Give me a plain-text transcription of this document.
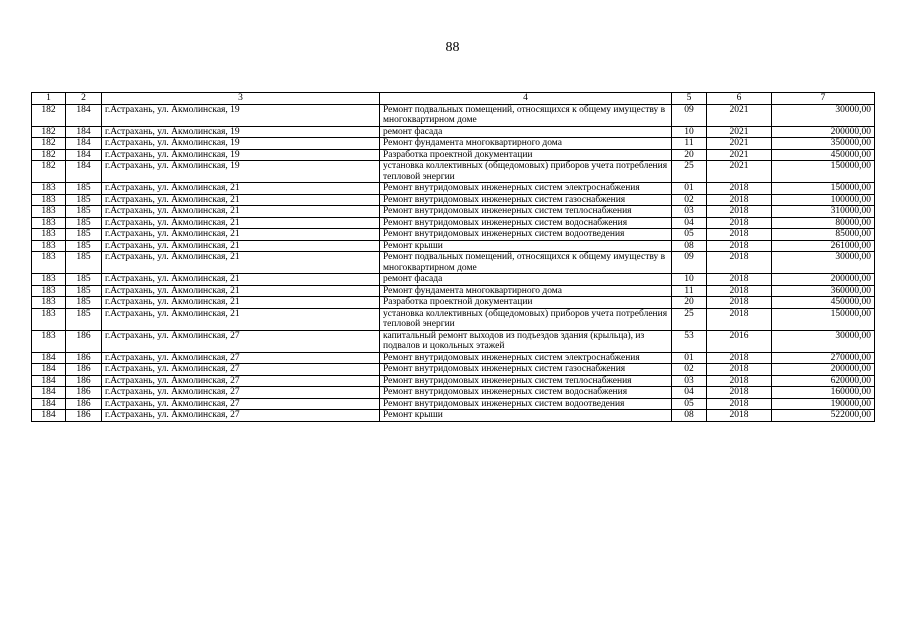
88
1	2	3	4	5	6	7
182	184	г.Астрахань, ул. Акмолинская, 19	Ремонт подвальных помещений, относящихся к общему имуществу в многоквартирном доме	09	2021	30000,00
182	184	г.Астрахань, ул. Акмолинская, 19	ремонт фасада	10	2021	200000,00
182	184	г.Астрахань, ул. Акмолинская, 19	Ремонт фундамента многоквартирного дома	11	2021	350000,00
182	184	г.Астрахань, ул. Акмолинская, 19	Разработка проектной документации	20	2021	450000,00
182	184	г.Астрахань, ул. Акмолинская, 19	установка коллективных (общедомовых) приборов учета потребления тепловой энергии	25	2021	150000,00
183	185	г.Астрахань, ул. Акмолинская, 21	Ремонт внутридомовых инженерных систем электроснабжения	01	2018	150000,00
183	185	г.Астрахань, ул. Акмолинская, 21	Ремонт внутридомовых инженерных систем газоснабжения	02	2018	100000,00
183	185	г.Астрахань, ул. Акмолинская, 21	Ремонт внутридомовых инженерных систем теплоснабжения	03	2018	310000,00
183	185	г.Астрахань, ул. Акмолинская, 21	Ремонт внутридомовых инженерных систем водоснабжения	04	2018	80000,00
183	185	г.Астрахань, ул. Акмолинская, 21	Ремонт внутридомовых инженерных систем водоотведения	05	2018	85000,00
183	185	г.Астрахань, ул. Акмолинская, 21	Ремонт крыши	08	2018	261000,00
183	185	г.Астрахань, ул. Акмолинская, 21	Ремонт подвальных помещений, относящихся к общему имуществу в многоквартирном доме	09	2018	30000,00
183	185	г.Астрахань, ул. Акмолинская, 21	ремонт фасада	10	2018	200000,00
183	185	г.Астрахань, ул. Акмолинская, 21	Ремонт фундамента многоквартирного дома	11	2018	360000,00
183	185	г.Астрахань, ул. Акмолинская, 21	Разработка проектной документации	20	2018	450000,00
183	185	г.Астрахань, ул. Акмолинская, 21	установка коллективных (общедомовых) приборов учета потребления тепловой энергии	25	2018	150000,00
183	186	г.Астрахань, ул. Акмолинская, 27	капитальный ремонт выходов из подъездов здания (крыльца), из подвалов и цокольных этажей	53	2016	30000,00
184	186	г.Астрахань, ул. Акмолинская, 27	Ремонт внутридомовых инженерных систем электроснабжения	01	2018	270000,00
184	186	г.Астрахань, ул. Акмолинская, 27	Ремонт внутридомовых инженерных систем газоснабжения	02	2018	200000,00
184	186	г.Астрахань, ул. Акмолинская, 27	Ремонт внутридомовых инженерных систем теплоснабжения	03	2018	620000,00
184	186	г.Астрахань, ул. Акмолинская, 27	Ремонт внутридомовых инженерных систем водоснабжения	04	2018	160000,00
184	186	г.Астрахань, ул. Акмолинская, 27	Ремонт внутридомовых инженерных систем водоотведения	05	2018	190000,00
184	186	г.Астрахань, ул. Акмолинская, 27	Ремонт крыши	08	2018	522000,00
